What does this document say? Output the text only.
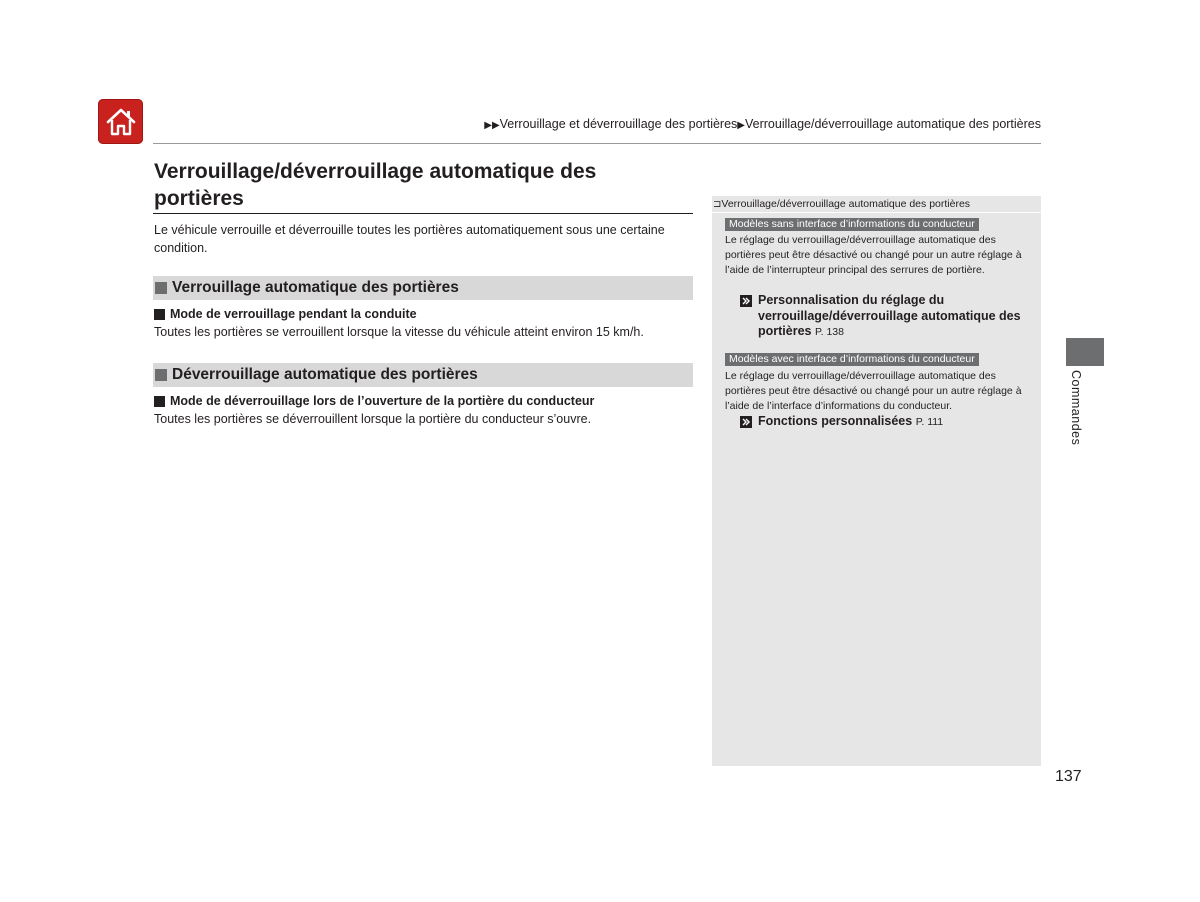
▶▶Verrouillage et déverrouillage des portières▶Verrouillage/déverrouillage automatique des portières
Verrouillage/déverrouillage automatique des portières

Le véhicule verrouille et déverrouille toutes les portières automatiquement sous une certaine condition.

Verrouillage automatique des portières
Mode de verrouillage pendant la conduite

Toutes les portières se verrouillent lorsque la vitesse du véhicule atteint environ 15 km/h.

Déverrouillage automatique des portières
Mode de déverrouillage lors de l’ouverture de la portière du conducteur

Toutes les portières se déverrouillent lorsque la portière du conducteur s’ouvre.

⊐Verrouillage/déverrouillage automatique des portières
Modèles sans interface d’informations du conducteur

Le réglage du verrouillage/déverrouillage automatique des portières peut être désactivé ou changé pour un autre réglage à l’aide de l’interrupteur principal des serrures de portière.

Personnalisation du réglage du verrouillage/déverrouillage automatique des portières P. 138
Modèles avec interface d’informations du conducteur

Le réglage du verrouillage/déverrouillage automatique des portières peut être désactivé ou changé pour un autre réglage à l’aide de l’interface d’informations du conducteur.

Fonctions personnalisées P. 111	Commandes
137
